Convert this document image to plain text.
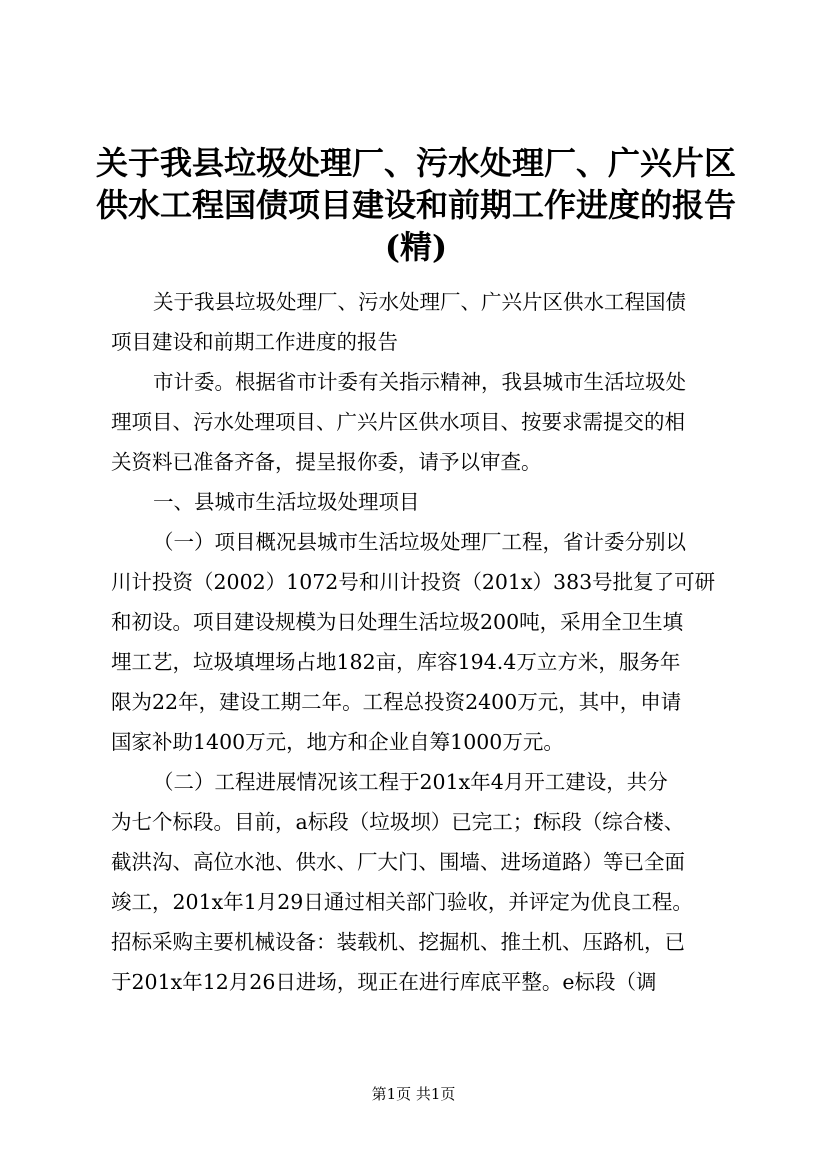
关于我县垃圾处理厂、污水处理厂、广兴片区
供水工程国债项目建设和前期工作进度的报告
(精)

关于我县垃圾处理厂、污水处理厂、广兴片区供水工程国债
项目建设和前期工作进度的报告

市计委。根据省市计委有关指示精神，我县城市生活垃圾处
理项目、污水处理项目、广兴片区供水项目、按要求需提交的相
关资料已准备齐备，提呈报你委，请予以审查。

一、县城市生活垃圾处理项目

（一）项目概况县城市生活垃圾处理厂工程，省计委分别以
川计投资（2002）1072号和川计投资（201x）383号批复了可研
和初设。项目建设规模为日处理生活垃圾200吨，采用全卫生填
埋工艺，垃圾填埋场占地182亩，库容194.4万立方米，服务年
限为22年，建设工期二年。工程总投资2400万元，其中，申请
国家补助1400万元，地方和企业自筹1000万元。

（二）工程进展情况该工程于201x年4月开工建设，共分
为七个标段。目前，a标段（垃圾坝）已完工；f标段（综合楼、
截洪沟、高位水池、供水、厂大门、围墙、进场道路）等已全面
竣工，201x年1月29日通过相关部门验收，并评定为优良工程。
招标采购主要机械设备：装载机、挖掘机、推土机、压路机，已
于201x年12月26日进场，现正在进行库底平整。e标段（调

第1页 共1页
